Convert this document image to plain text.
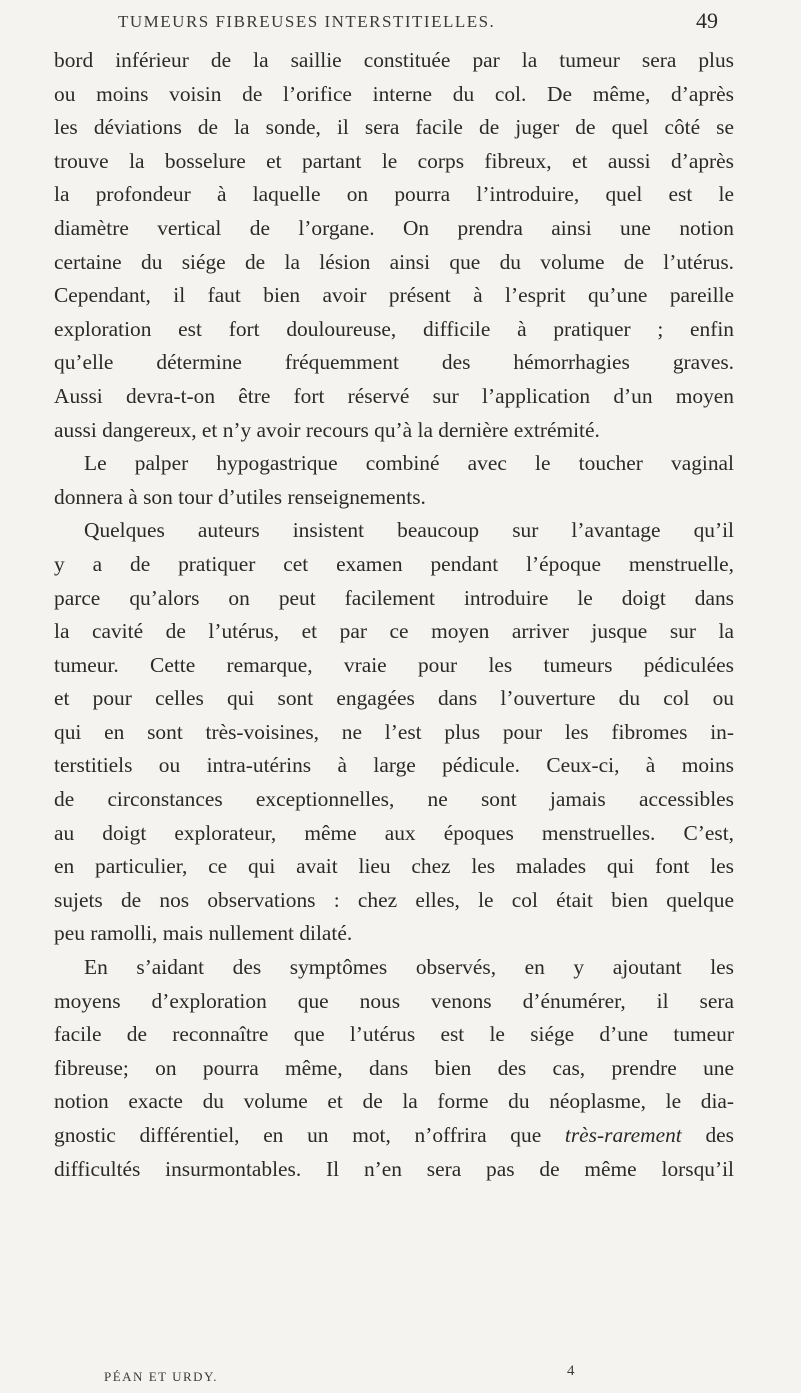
TUMEURS FIBREUSES INTERSTITIELLES.	49
bord inférieur de la saillie constituée par la tumeur sera plus
ou moins voisin de l’orifice interne du col. De même, d’après
les déviations de la sonde, il sera facile de juger de quel côté se
trouve la bosselure et partant le corps fibreux, et aussi d’après
la profondeur à laquelle on pourra l’introduire, quel est le
diamètre vertical de l’organe. On prendra ainsi une notion
certaine du siége de la lésion ainsi que du volume de l’utérus.
Cependant, il faut bien avoir présent à l’esprit qu’une pareille
exploration est fort douloureuse, difficile à pratiquer ; enfin
qu’elle détermine fréquemment des hémorrhagies graves.
Aussi devra-t-on être fort réservé sur l’application d’un moyen
aussi dangereux, et n’y avoir recours qu’à la dernière extrémité.
Le palper hypogastrique combiné avec le toucher vaginal
donnera à son tour d’utiles renseignements.
Quelques auteurs insistent beaucoup sur l’avantage qu’il
y a de pratiquer cet examen pendant l’époque menstruelle,
parce qu’alors on peut facilement introduire le doigt dans
la cavité de l’utérus, et par ce moyen arriver jusque sur la
tumeur. Cette remarque, vraie pour les tumeurs pédiculées
et pour celles qui sont engagées dans l’ouverture du col ou
qui en sont très-voisines, ne l’est plus pour les fibromes in-
terstitiels ou intra-utérins à large pédicule. Ceux-ci, à moins
de circonstances exceptionnelles, ne sont jamais accessibles
au doigt explorateur, même aux époques menstruelles. C’est,
en particulier, ce qui avait lieu chez les malades qui font les
sujets de nos observations : chez elles, le col était bien quelque
peu ramolli, mais nullement dilaté.
En s’aidant des symptômes observés, en y ajoutant les
moyens d’exploration que nous venons d’énumérer, il sera
facile de reconnaître que l’utérus est le siége d’une tumeur
fibreuse; on pourra même, dans bien des cas, prendre une
notion exacte du volume et de la forme du néoplasme, le dia-
gnostic différentiel, en un mot, n’offrira que très-rarement des
difficultés insurmontables. Il n’en sera pas de même lorsqu’il
PÉAN ET URDY.	4
